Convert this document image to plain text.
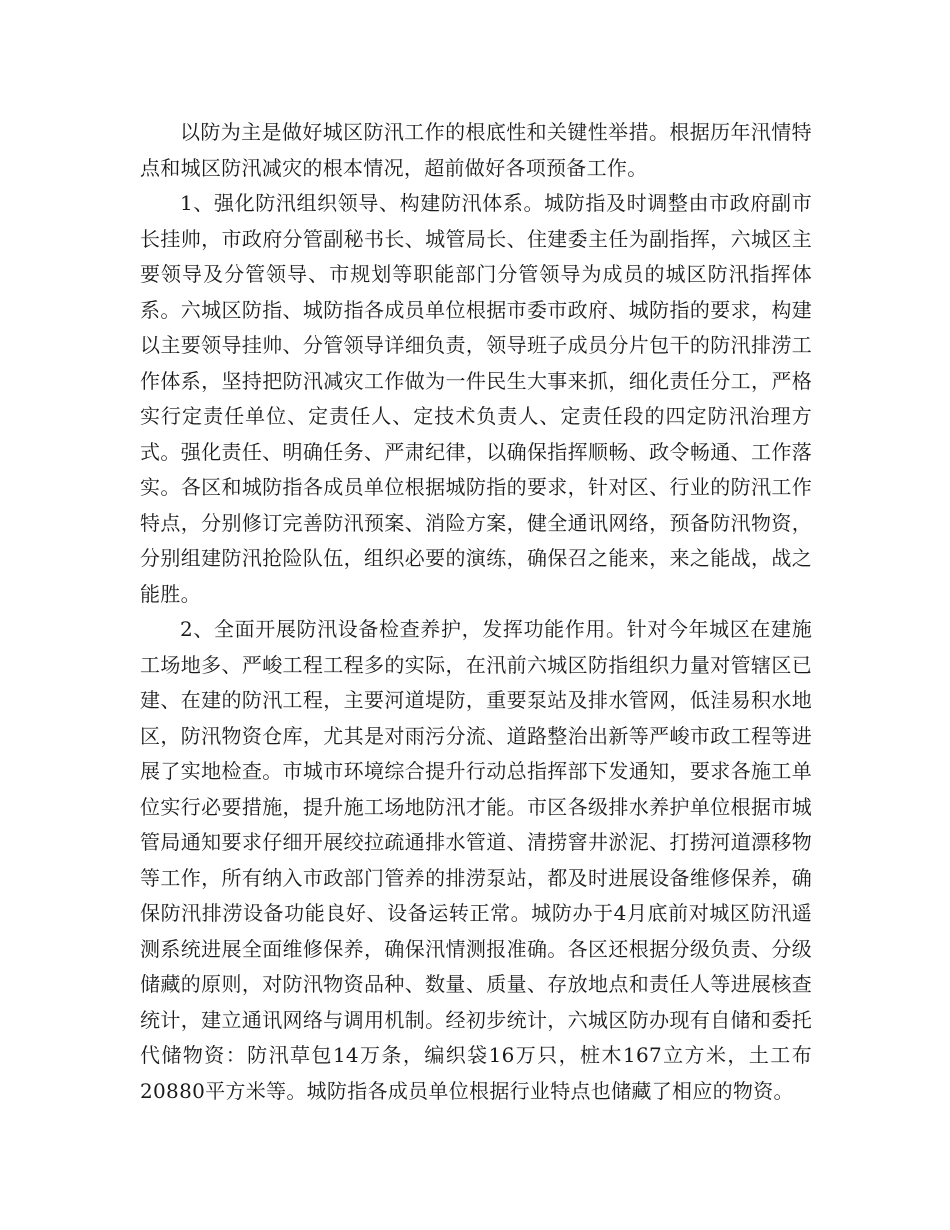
以防为主是做好城区防汛工作的根底性和关键性举措。根据历年汛情特点和城区防汛减灾的根本情况，超前做好各项预备工作。

1、强化防汛组织领导、构建防汛体系。城防指及时调整由市政府副市长挂帅，市政府分管副秘书长、城管局长、住建委主任为副指挥，六城区主要领导及分管领导、市规划等职能部门分管领导为成员的城区防汛指挥体系。六城区防指、城防指各成员单位根据市委市政府、城防指的要求，构建以主要领导挂帅、分管领导详细负责，领导班子成员分片包干的防汛排涝工作体系，坚持把防汛减灾工作做为一件民生大事来抓，细化责任分工，严格实行定责任单位、定责任人、定技术负责人、定责任段的四定防汛治理方式。强化责任、明确任务、严肃纪律，以确保指挥顺畅、政令畅通、工作落实。各区和城防指各成员单位根据城防指的要求，针对区、行业的防汛工作特点，分别修订完善防汛预案、消险方案，健全通讯网络，预备防汛物资，分别组建防汛抢险队伍，组织必要的演练，确保召之能来，来之能战，战之能胜。

2、全面开展防汛设备检查养护，发挥功能作用。针对今年城区在建施工场地多、严峻工程工程多的实际，在汛前六城区防指组织力量对管辖区已建、在建的防汛工程，主要河道堤防，重要泵站及排水管网，低洼易积水地区，防汛物资仓库，尤其是对雨污分流、道路整治出新等严峻市政工程等进展了实地检查。市城市环境综合提升行动总指挥部下发通知，要求各施工单位实行必要措施，提升施工场地防汛才能。市区各级排水养护单位根据市城管局通知要求仔细开展绞拉疏通排水管道、清捞窨井淤泥、打捞河道漂移物等工作，所有纳入市政部门管养的排涝泵站，都及时进展设备维修保养，确保防汛排涝设备功能良好、设备运转正常。城防办于4月底前对城区防汛遥测系统进展全面维修保养，确保汛情测报准确。各区还根据分级负责、分级储藏的原则，对防汛物资品种、数量、质量、存放地点和责任人等进展核查统计，建立通讯网络与调用机制。经初步统计，六城区防办现有自储和委托代储物资：防汛草包14万条，编织袋16万只，桩木167立方米，土工布20880平方米等。城防指各成员单位根据行业特点也储藏了相应的物资。
